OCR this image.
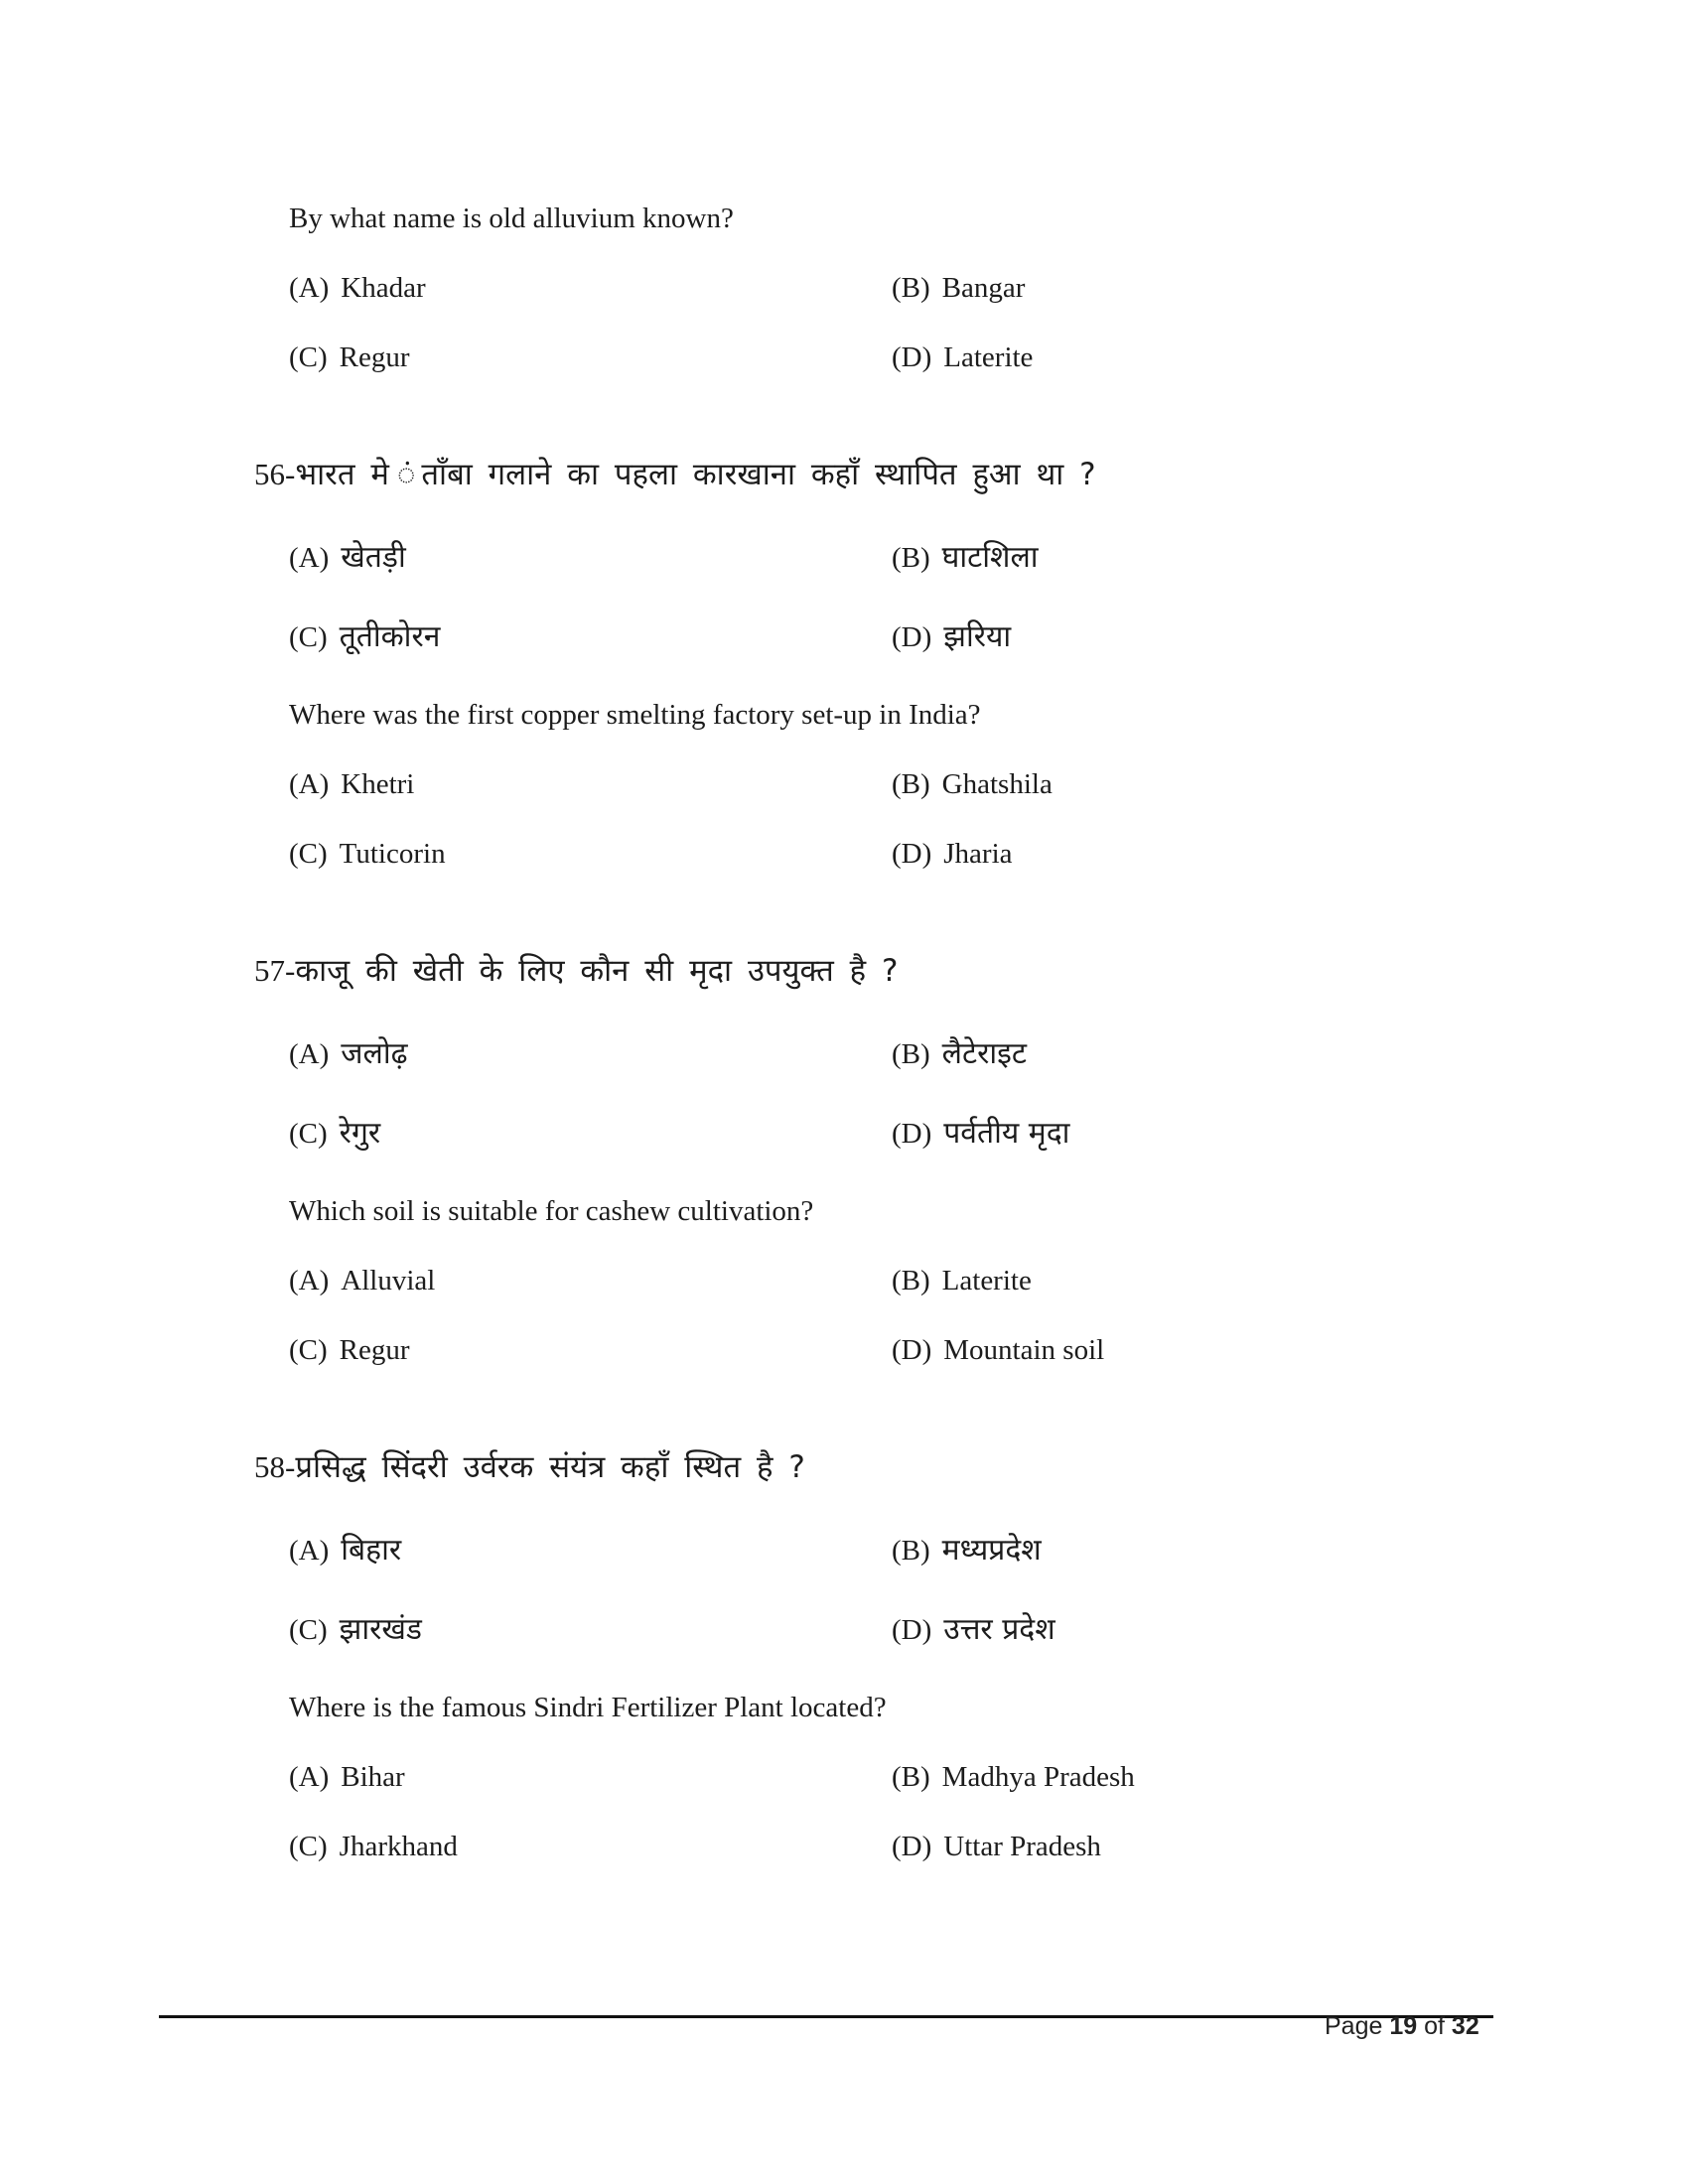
By what name is old alluvium known?
(A) Khadar	(B) Bangar
(C) Regur	(D) Laterite
56-भारत मे ंताँबा गलाने का पहला कारखाना कहाँ स्थापित हुआ था ?
(A) खेतड़ी	(B) घाटशिला
(C) तूतीकोरन	(D) झरिया
Where was the first copper smelting factory set-up in India?
(A) Khetri	(B) Ghatshila
(C) Tuticorin	(D) Jharia
57-काजू की खेती के लिए कौन सी मृदा उपयुक्त है ?
(A) जलोढ़	(B) लैटेराइट
(C) रेगुर	(D) पर्वतीय मृदा
Which soil is suitable for cashew cultivation?
(A) Alluvial	(B) Laterite
(C) Regur	(D) Mountain soil
58-प्रसिद्ध सिंदरी उर्वरक संयंत्र कहाँ स्थित है ?
(A) बिहार	(B) मध्यप्रदेश
(C) झारखंड	(D) उत्तर प्रदेश
Where is the famous Sindri Fertilizer Plant located?
(A) Bihar	(B) Madhya Pradesh
(C) Jharkhand	(D) Uttar Pradesh
Page 19 of 32
